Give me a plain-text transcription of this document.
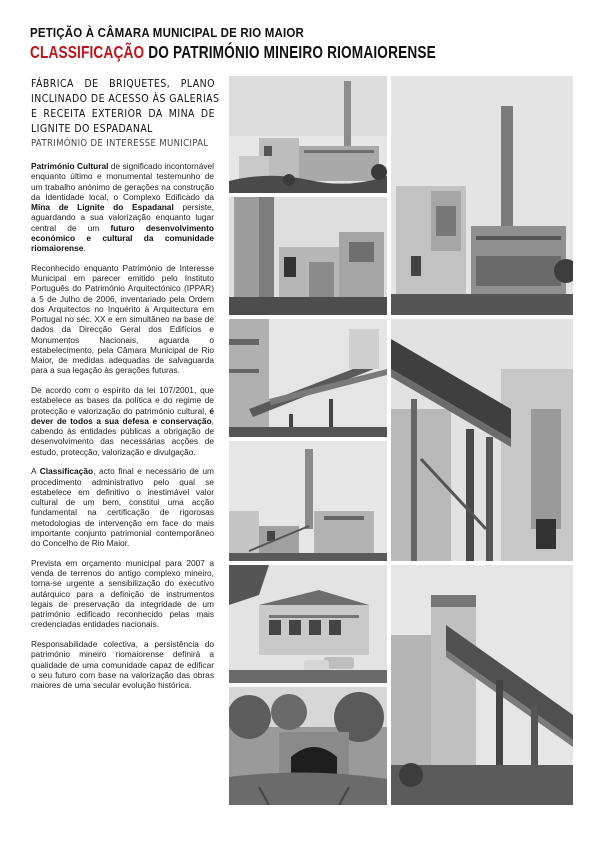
PETIÇÃO À CÂMARA MUNICIPAL DE RIO MAIOR
CLASSIFICAÇÃO DO PATRIMÓNIO MINEIRO RIOMAIORENSE
FÁBRICA DE BRIQUETES, PLANO
INCLINADO DE ACESSO ÀS GALERIAS
E RECEITA EXTERIOR DA MINA DE
LIGNITE DO ESPADANAL
PATRIMÓNIO DE INTERESSE MUNICIPAL

Património Cultural de significado incontornável enquanto último e monumental testemunho de um trabalho anónimo de gerações na construção da Identidade local, o Complexo Edificado da Mina de Lignite do Espadanal persiste, aguardando a sua valorização enquanto lugar central de um futuro desenvolvimento económico e cultural da comunidade riomaiorense.

Reconhecido enquanto Património de Interesse Municipal em parecer emitido pelo Instituto Português do Património Arquitectónico (IPPAR) a 5 de Julho de 2006, inventariado pela Ordem dos Arquitectos no Inquérito à Arquitectura em Portugal no séc. XX e em simultâneo na base de dados da Direcção Geral dos Edifícios e Monumentos Nacionais, aguarda o estabelecimento, pela Câmara Municipal de Rio Maior, de medidas adequadas de salvaguarda para a sua legação às gerações futuras.

De acordo com o espírito da lei 107/2001, que estabelece as bases da política e do regime de protecção e valorização do património cultural, é dever de todos a sua defesa e conservação, cabendo às entidades públicas a obrigação de desenvolvimento das necessárias acções de estudo, protecção, valorização e divulgação.

A Classificação, acto final e necessário de um procedimento administrativo pelo qual se estabelece em definitivo o inestimável valor cultural de um bem, constitui uma acção fundamental na certificação de rigorosas metodologias de intervenção em face do mais importante conjunto patrimonial contemporâneo do Concelho de Rio Maior.

Prevista em orçamento municipal para 2007 a venda de terrenos do antigo complexo mineiro, torna-se urgente a sensibilização do executivo autárquico para a definição de instrumentos legais de preservação da integridade de um património edificado reconhecido pelas mais credenciadas entidades nacionais.

Responsabilidade colectiva, a persistência do património mineiro riomaiorense definirá a qualidade de uma comunidade capaz de edificar o seu futuro com base na valorização das obras maiores de uma secular evolução histórica.
